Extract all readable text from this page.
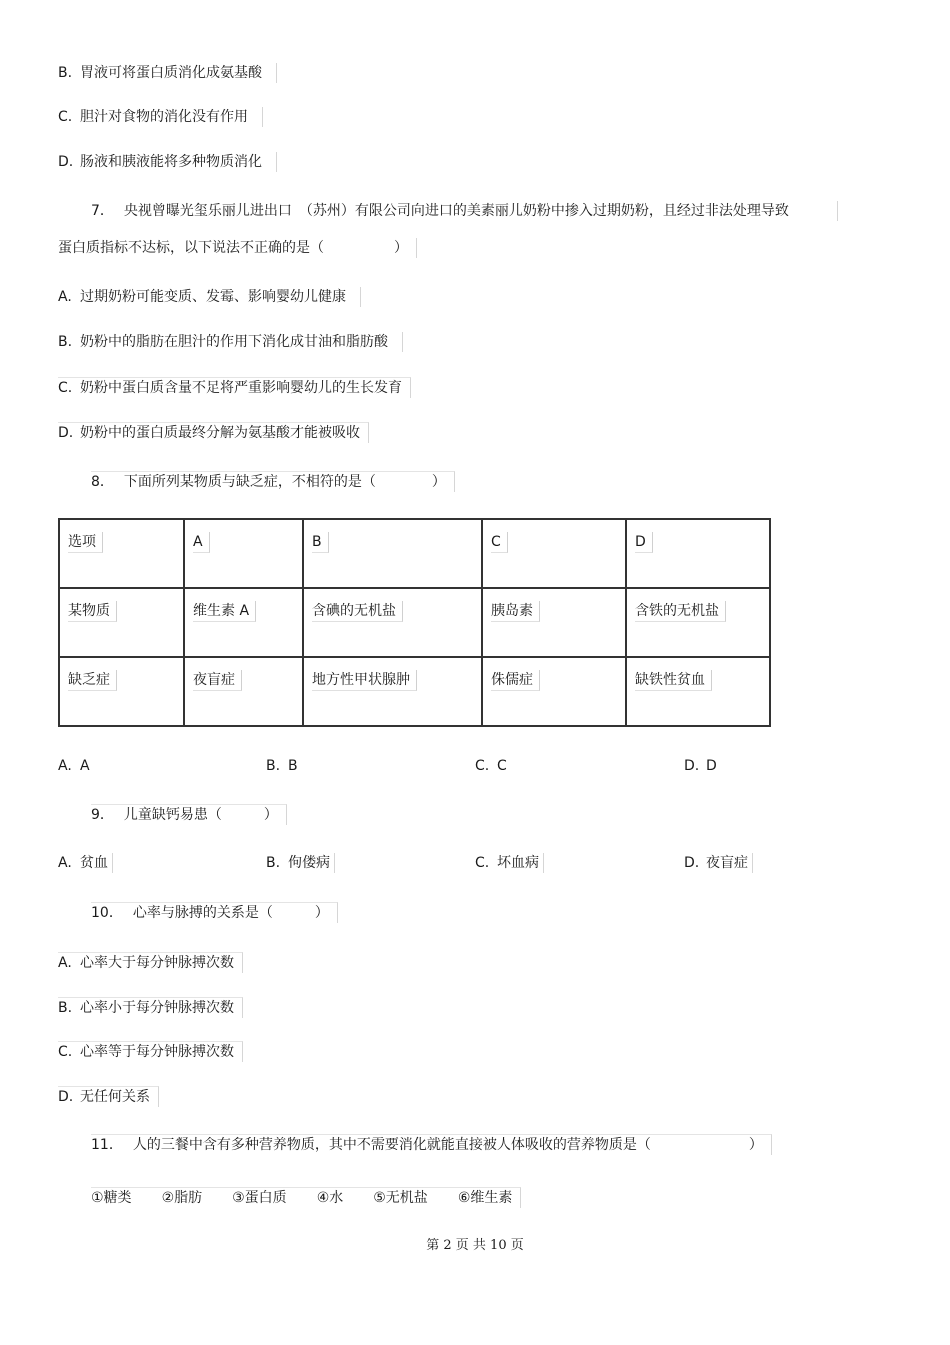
B. 胃液可将蛋白质消化成氨基酸
C. 胆汁对食物的消化没有作用
D. 肠液和胰液能将多种物质消化
7． 央视曾曝光玺乐丽儿进出口　（苏州）有限公司向进口的美素丽儿奶粉中掺入过期奶粉，且经过非法处理导致
蛋白质指标不达标，以下说法不正确的是（　　　　　）
A. 过期奶粉可能变质、发霉、影响婴幼儿健康
B. 奶粉中的脂肪在胆汁的作用下消化成甘油和脂肪酸
C. 奶粉中蛋白质含量不足将严重影响婴幼儿的生长发育
D. 奶粉中的蛋白质最终分解为氨基酸才能被吸收
8． 下面所列某物质与缺乏症，不相符的是（　　　　）
选项	A	B	C	D
某物质	维生素 A	含碘的无机盐	胰岛素	含铁的无机盐
缺乏症	夜盲症	地方性甲状腺肿	侏儒症	缺铁性贫血
A. A	B. B	C. C	D. D
9． 儿童缺钙易患（　　　）
A. 贫血	B. 佝偻病	C. 坏血病	D. 夜盲症
10． 心率与脉搏的关系是（　　　）
A. 心率大于每分钟脉搏次数
B. 心率小于每分钟脉搏次数
C. 心率等于每分钟脉搏次数
D. 无任何关系
11． 人的三餐中含有多种营养物质，其中不需要消化就能直接被人体吸收的营养物质是（　　　　　　　）
①糖类 ②脂肪 ③蛋白质 ④水 ⑤无机盐 ⑥维生素
第 2 页 共 10 页
